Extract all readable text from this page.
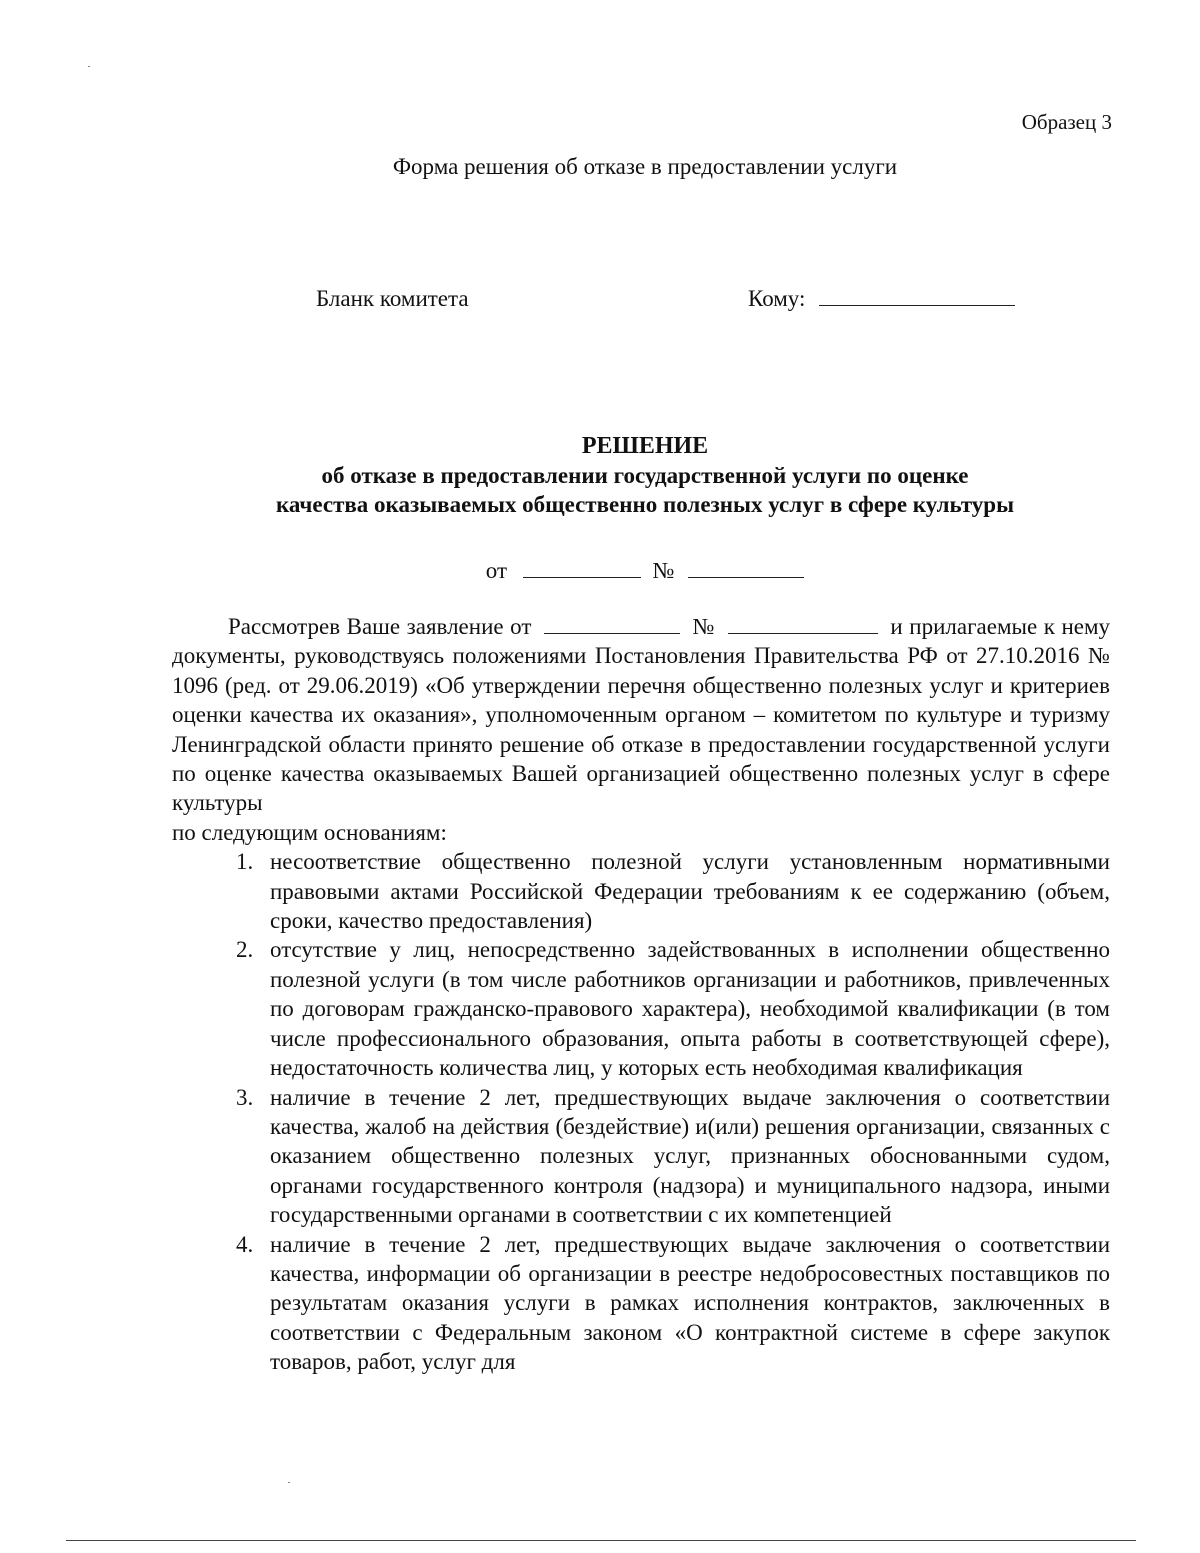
Образец 3
Форма решения об отказе в предоставлении услуги
Бланк комитета	Кому:
РЕШЕНИЕ
об отказе в предоставлении государственной услуги по оценке
качества оказываемых общественно полезных услуг в сфере культуры
от	№

Рассмотрев Ваше заявление от	№	и прилагаемые к нему документы, руководствуясь положениями Постановления Правительства РФ от 27.10.2016 № 1096 (ред. от 29.06.2019) «Об утверждении перечня общественно полезных услуг и критериев оценки качества их оказания», уполномоченным органом – комитетом по культуре и туризму Ленинградской области принято решение об отказе в предоставлении государственной услуги по оценке качества оказываемых Вашей организацией общественно полезных услуг в сфере культуры

по следующим основаниям:

1. несоответствие общественно полезной услуги установленным нормативными правовыми актами Российской Федерации требованиям к ее содержанию (объем, сроки, качество предоставления)
2. отсутствие у лиц, непосредственно задействованных в исполнении общественно полезной услуги (в том числе работников организации и работников, привлеченных по договорам гражданско-правового характера), необходимой квалификации (в том числе профессионального образования, опыта работы в соответствующей сфере), недостаточность количества лиц, у которых есть необходимая квалификация
3. наличие в течение 2 лет, предшествующих выдаче заключения о соответствии качества, жалоб на действия (бездействие) и(или) решения организации, связанных с оказанием общественно полезных услуг, признанных обоснованными судом, органами государственного контроля (надзора) и муниципального надзора, иными государственными органами в соответствии с их компетенцией
4. наличие в течение 2 лет, предшествующих выдаче заключения о соответствии качества, информации об организации в реестре недобросовестных поставщиков по результатам оказания услуги в рамках исполнения контрактов, заключенных в соответствии с Федеральным законом «О контрактной системе в сфере закупок товаров, работ, услуг для
